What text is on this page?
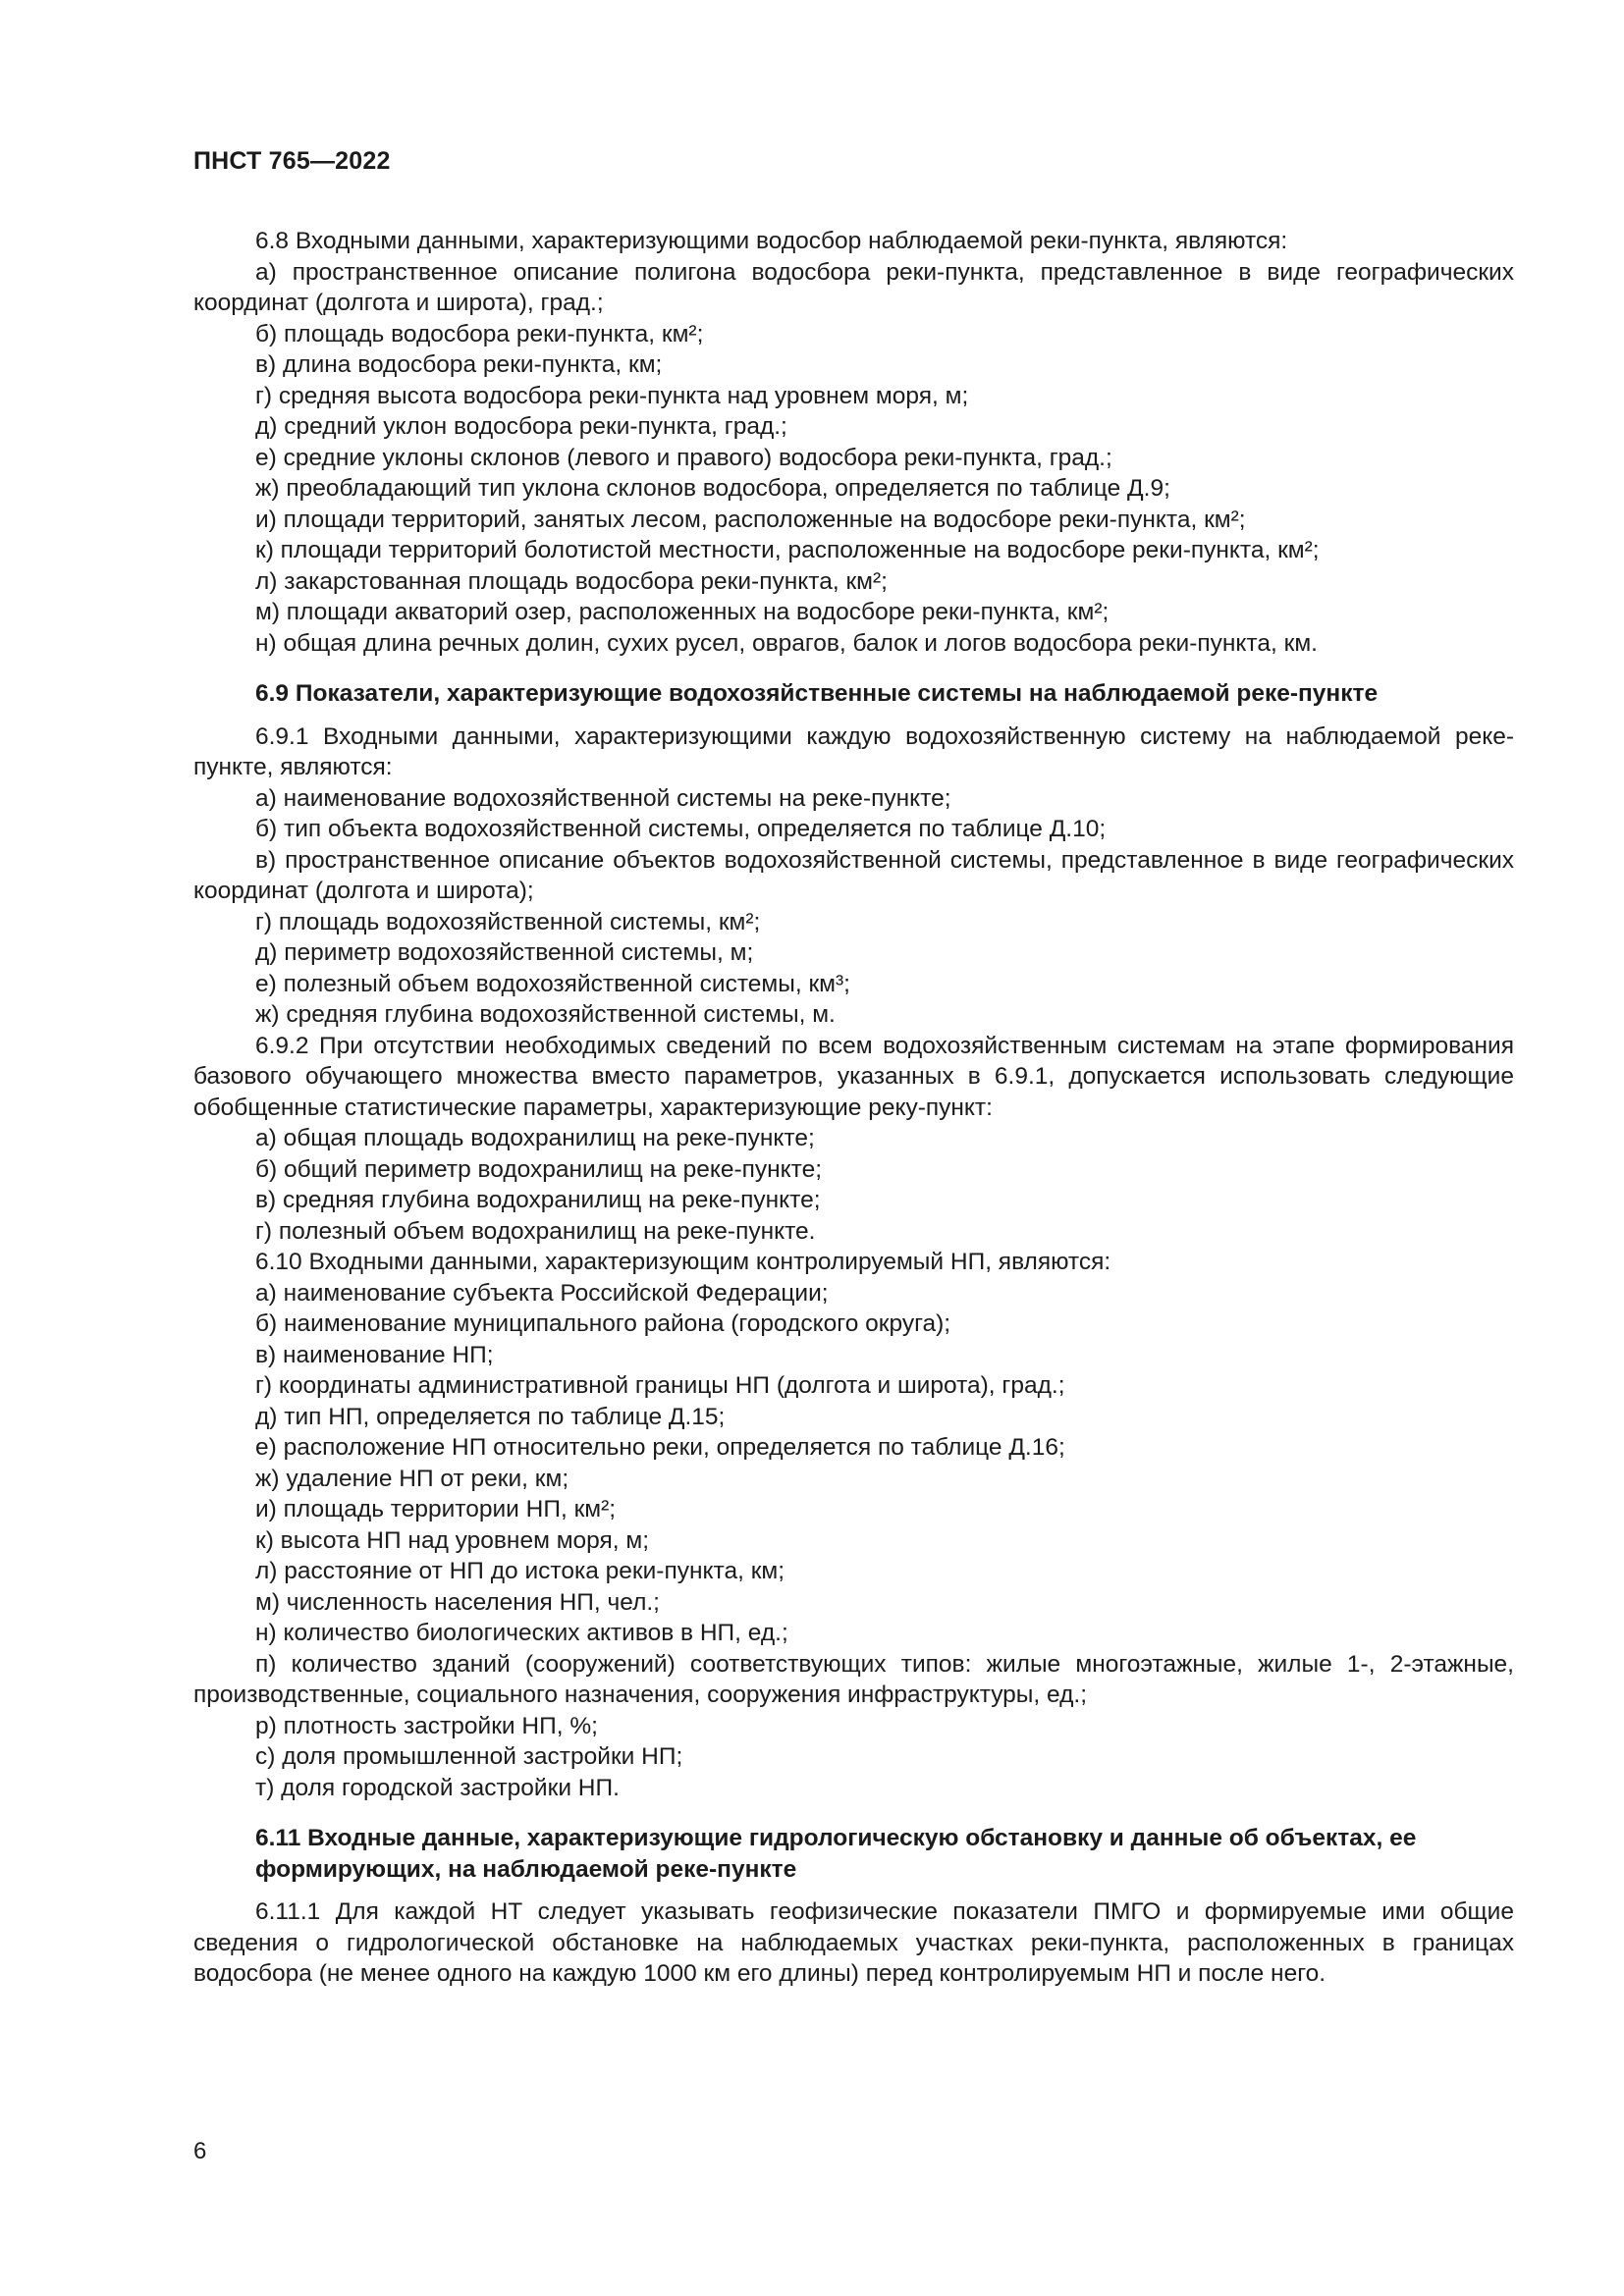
ПНСТ 765—2022

6.8 Входными данными, характеризующими водосбор наблюдаемой реки-пункта, являются:

а) пространственное описание полигона водосбора реки-пункта, представленное в виде географических координат (долгота и широта), град.;

б) площадь водосбора реки-пункта, км²;

в) длина водосбора реки-пункта, км;

г) средняя высота водосбора реки-пункта над уровнем моря, м;

д) средний уклон водосбора реки-пункта, град.;

е) средние уклоны склонов (левого и правого) водосбора реки-пункта, град.;

ж) преобладающий тип уклона склонов водосбора, определяется по таблице Д.9;

и) площади территорий, занятых лесом, расположенные на водосборе реки-пункта, км²;

к) площади территорий болотистой местности, расположенные на водосборе реки-пункта, км²;

л) закарстованная площадь водосбора реки-пункта, км²;

м) площади акваторий озер, расположенных на водосборе реки-пункта, км²;

н) общая длина речных долин, сухих русел, оврагов, балок и логов водосбора реки-пункта, км.

6.9 Показатели, характеризующие водохозяйственные системы на наблюдаемой реке-пункте

6.9.1 Входными данными, характеризующими каждую водохозяйственную систему на наблюдаемой реке-пункте, являются:

а) наименование водохозяйственной системы на реке-пункте;

б) тип объекта водохозяйственной системы, определяется по таблице Д.10;

в) пространственное описание объектов водохозяйственной системы, представленное в виде географических координат (долгота и широта);

г) площадь водохозяйственной системы, км²;

д) периметр водохозяйственной системы, м;

е) полезный объем водохозяйственной системы, км³;

ж) средняя глубина водохозяйственной системы, м.

6.9.2 При отсутствии необходимых сведений по всем водохозяйственным системам на этапе формирования базового обучающего множества вместо параметров, указанных в 6.9.1, допускается использовать следующие обобщенные статистические параметры, характеризующие реку-пункт:

а) общая площадь водохранилищ на реке-пункте;

б) общий периметр водохранилищ на реке-пункте;

в) средняя глубина водохранилищ на реке-пункте;

г) полезный объем водохранилищ на реке-пункте.

6.10 Входными данными, характеризующим контролируемый НП, являются:

а) наименование субъекта Российской Федерации;

б) наименование муниципального района (городского округа);

в) наименование НП;

г) координаты административной границы НП (долгота и широта), град.;

д) тип НП, определяется по таблице Д.15;

е) расположение НП относительно реки, определяется по таблице Д.16;

ж) удаление НП от реки, км;

и) площадь территории НП, км²;

к) высота НП над уровнем моря, м;

л) расстояние от НП до истока реки-пункта, км;

м) численность населения НП, чел.;

н) количество биологических активов в НП, ед.;

п) количество зданий (сооружений) соответствующих типов: жилые многоэтажные, жилые 1-, 2-этажные, производственные, социального назначения, сооружения инфраструктуры, ед.;

р) плотность застройки НП, %;

с) доля промышленной застройки НП;

т) доля городской застройки НП.

6.11 Входные данные, характеризующие гидрологическую обстановку и данные об объектах, ее формирующих, на наблюдаемой реке-пункте

6.11.1 Для каждой НТ следует указывать геофизические показатели ПМГО и формируемые ими общие сведения о гидрологической обстановке на наблюдаемых участках реки-пункта, расположенных в границах водосбора (не менее одного на каждую 1000 км его длины) перед контролируемым НП и после него.

6
